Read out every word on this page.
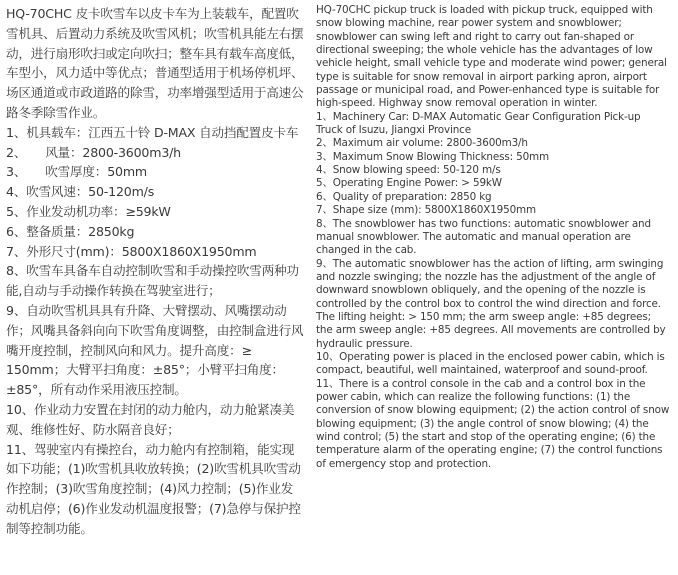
HQ-70CHC 皮卡吹雪车以皮卡车为上装载车，配置吹雪机具、后置动力系统及吹雪风机；吹雪机具能左右摆动，进行扇形吹扫或定向吹扫；整车具有载车高度低，车型小，风力适中等优点；普通型适用于机场停机坪、场区通道或市政道路的除雪，功率增强型适用于高速公路冬季除雪作业。

1、机具载车：江西五十铃 D-MAX 自动挡配置皮卡车

2、     风量：2800-3600m3/h

3、     吹雪厚度：50mm

4、吹雪风速：50-120m/s

5、作业发动机功率：≥59kW

6、整备质量：2850kg

7、外形尺寸(mm)：5800X1860X1950mm

8、吹雪车具备车自动控制吹雪和手动操控吹雪两种功能,自动与手动操作转换在驾驶室进行；

9、自动吹雪机具具有升降、大臂摆动、风嘴摆动动作；风嘴具备斜向向下吹雪角度调整，由控制盒进行风嘴开度控制，控制风向和风力。提升高度：≥ 150mm；大臂平扫角度：±85°；小臂平扫角度：±85°，所有动作采用液压控制。

10、作业动力安置在封闭的动力舱内，动力舱紧凑美观、维修性好、防水隔音良好；

11、驾驶室内有操控台，动力舱内有控制箱，能实现如下功能；(1)吹雪机具收放转换；(2)吹雪机具吹雪动作控制；(3)吹雪角度控制；(4)风力控制；(5)作业发动机启停；(6)作业发动机温度报警；(7)急停与保护控制等控制功能。

HQ-70CHC pickup truck is loaded with pickup truck, equipped with snow blowing machine, rear power system and snowblower; snowblower can swing left and right to carry out fan-shaped or directional sweeping; the whole vehicle has the advantages of low vehicle height, small vehicle type and moderate wind power; general type is suitable for snow removal in airport parking apron, airport passage or municipal road, and Power-enhanced type is suitable for high-speed. Highway snow removal operation in winter.

1、Machinery Car: D-MAX Automatic Gear Configuration Pick-up Truck of Isuzu, Jiangxi Province

2、Maximum air volume: 2800-3600m3/h

3、Maximum Snow Blowing Thickness: 50mm

4、Snow blowing speed: 50-120 m/s

5、Operating Engine Power: > 59kW

6、Quality of preparation: 2850 kg

7、Shape size (mm): 5800X1860X1950mm

8、The snowblower has two functions: automatic snowblower and manual snowblower. The automatic and manual operation are changed in the cab.

9、The automatic snowblower has the action of lifting, arm swinging and nozzle swinging; the nozzle has the adjustment of the angle of downward snowblown obliquely, and the opening of the nozzle is controlled by the control box to control the wind direction and force. The lifting height: > 150 mm; the arm sweep angle: +85 degrees; the arm sweep angle: +85 degrees. All movements are controlled by hydraulic pressure.

10、Operating power is placed in the enclosed power cabin, which is compact, beautiful, well maintained, waterproof and sound-proof.

11、There is a control console in the cab and a control box in the power cabin, which can realize the following functions: (1) the conversion of snow blowing equipment; (2) the action control of snow blowing equipment; (3) the angle control of snow blowing; (4) the wind control; (5) the start and stop of the operating engine; (6) the temperature alarm of the operating engine; (7) the control functions of emergency stop and protection.
